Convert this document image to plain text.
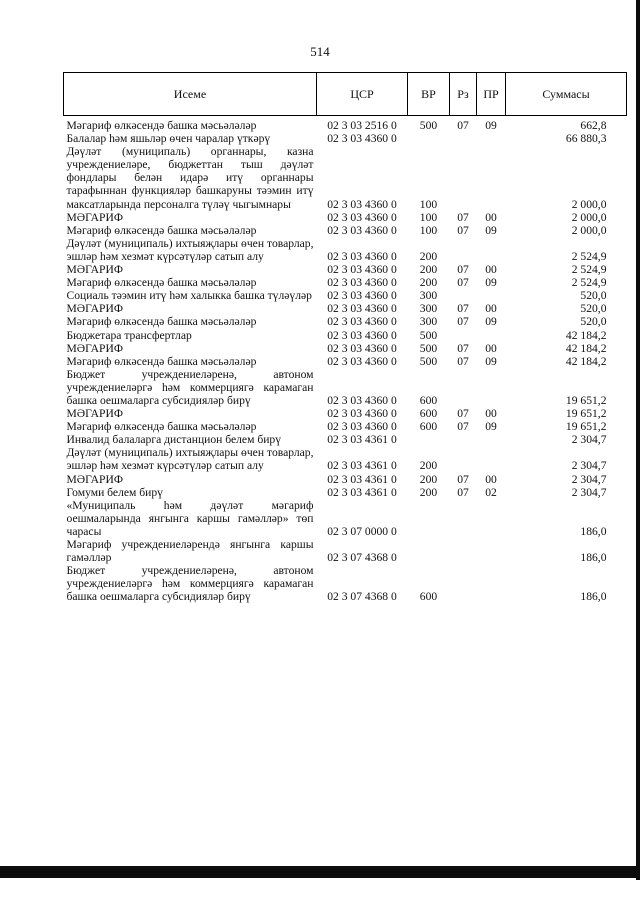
514
Исеме	ЦСР	ВР	Рз	ПР	Суммасы
Мәгариф өлкәсендә башка мәсьәләләр	02 3 03 2516 0	500	07	09	662,8
Балалар һәм яшьләр өчен чаралар үткәрү	02 3 03 4360 0				66 880,3
Дәүләт (муниципаль) органнары, казна учреждениеләре, бюджеттан тыш дәүләт фондлары белән идарә итү органнары тарафыннан функцияләр башкаруны тәэмин итү максатларында персоналга түләү чыгымнары	02 3 03 4360 0	100			2 000,0
МӘГАРИФ	02 3 03 4360 0	100	07	00	2 000,0
Мәгариф өлкәсендә башка мәсьәләләр	02 3 03 4360 0	100	07	09	2 000,0
Дәүләт (муниципаль) ихтыяҗлары өчен товарлар, эшләр һәм хезмәт күрсәтүләр сатып алу	02 3 03 4360 0	200			2 524,9
МӘГАРИФ	02 3 03 4360 0	200	07	00	2 524,9
Мәгариф өлкәсендә башка мәсьәләләр	02 3 03 4360 0	200	07	09	2 524,9
Социаль тәэмин итү һәм халыкка башка түләүләр	02 3 03 4360 0	300			520,0
МӘГАРИФ	02 3 03 4360 0	300	07	00	520,0
Мәгариф өлкәсендә башка мәсьәләләр	02 3 03 4360 0	300	07	09	520,0
Бюджетара трансфертлар	02 3 03 4360 0	500			42 184,2
МӘГАРИФ	02 3 03 4360 0	500	07	00	42 184,2
Мәгариф өлкәсендә башка мәсьәләләр	02 3 03 4360 0	500	07	09	42 184,2
Бюджет учреждениеләренә, автоном учреждениеләргә һәм коммерциягә карамаган башка оешмаларга субсидияләр бирү	02 3 03 4360 0	600			19 651,2
МӘГАРИФ	02 3 03 4360 0	600	07	00	19 651,2
Мәгариф өлкәсендә башка мәсьәләләр	02 3 03 4360 0	600	07	09	19 651,2
Инвалид балаларга дистанцион белем бирү	02 3 03 4361 0				2 304,7
Дәүләт (муниципаль) ихтыяҗлары өчен товарлар, эшләр һәм хезмәт күрсәтүләр сатып алу	02 3 03 4361 0	200			2 304,7
МӘГАРИФ	02 3 03 4361 0	200	07	00	2 304,7
Гомуми белем бирү	02 3 03 4361 0	200	07	02	2 304,7
«Муниципаль һәм дәүләт мәгариф оешмаларында янгынга каршы гамәлләр» төп чарасы	02 3 07 0000 0				186,0
Мәгариф учреждениеләрендә янгынга каршы гамәлләр	02 3 07 4368 0				186,0
Бюджет учреждениеләренә, автоном учреждениеләргә һәм коммерциягә карамаган башка оешмаларга субсидияләр бирү	02 3 07 4368 0	600			186,0
